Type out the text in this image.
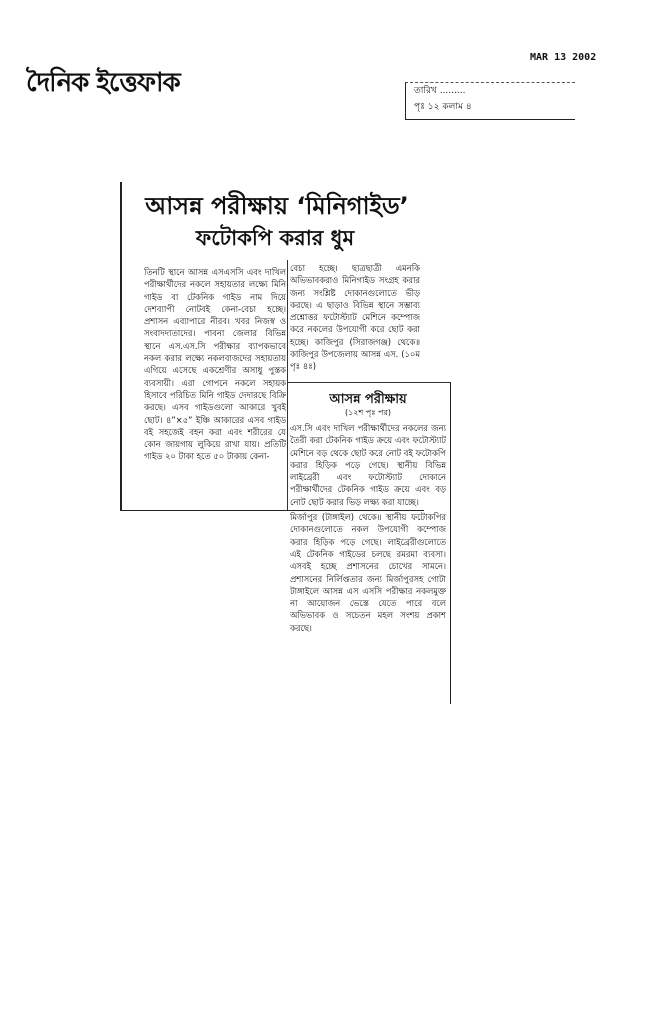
দৈনিক ইত্তেফাক
MAR 13 2002
তারিখ .........
পৃঃ ১২ কলাম ৪
আসন্ন পরীক্ষায় ‘মিনিগাইড’
ফটোকপি করার ধুম
তিনটি স্থানে আসন্ন এসএসসি এবং দাখিল পরীক্ষার্থীদের নকলে সহায়তার লক্ষ্যে মিনি গাইড বা টেকনিক গাইড নাম দিয়ে দেশব্যাপী নোটবই কেনা-বেচা হচ্ছে। প্রশাসন এব্যাপারে নীরব। খবর নিজস্ব ও সংবাদদাতাদের। পাবনা জেলার বিভিন্ন স্থানে এস.এস.সি পরীক্ষার ব্যাপকভাবে নকল করার লক্ষ্যে নকলবাজদের সহায়তায় এগিয়ে এসেছে একশ্রেণীর অসাধু পুস্তক ব্যবসায়ী। এরা গোপনে নকলে সহায়ক হিসাবে পরিচিত মিনি গাইড দেদারছে বিক্রি করছে। এসব গাইডগুলো আকারে খুবই ছোট। ৪”×৫” ইঞ্চি আকারের এসব গাইড বই সহজেই বহন করা এবং শরীরের যে কোন জায়গায় লুকিয়ে রাখা যায়। প্রতিটি গাইড ২০ টাকা হতে ৫০ টাকায় কেনা-
বেচা হচ্ছে। ছাত্রছাত্রী এমনকি অভিভাবকরাও মিনিগাইড সংগ্রহ করার জন্য সংশ্লিষ্ট দোকানগুলোতে ভীড় করছে। এ ছাড়াও বিভিন্ন স্থানে সম্ভাব্য প্রশ্নোত্তর ফটোস্ট্যাট মেশিনে কম্পোজ করে নকলের উপযোগী করে ছোট করা হচ্ছে। কাজিপুর (সিরাজগঞ্জ) থেকে॥ কাজিপুর উপজেলায় আসন্ন এস. (১০ম পৃঃ ৪ঃ)
আসন্ন পরীক্ষায়
(১২শ পৃঃ পর)

এস.সি এবং দাখিল পরীক্ষার্থীদের নকলের জন্য তৈরী করা টেকনিক গাইড ক্রয়ে এবং ফটোস্ট্যাট মেশিনে বড় থেকে ছোট করে নোট বই ফটোকপি করার হিড়িক পড়ে গেছে। স্থানীয় বিভিন্ন লাইব্রেরী এবং ফটোস্ট্যাট দোকানে পরীক্ষার্থীদের টেকনিক গাইড ক্রয়ে এবং বড় নোট ছোট করার ভিড় লক্ষ্য করা যাচ্ছে।

মির্জাপুর (টাঙ্গাইল) থেকে॥ স্থানীয় ফটোকপির দোকানগুলোতে নকল উপযোগী কম্পোজ করার হিড়িক পড়ে গেছে। লাইব্রেরীগুলোতে এই টেকনিক গাইডের চলছে রমরমা ব্যবসা। এসবই হচ্ছে প্রশাসনের চোখের সামনে। প্রশাসনের নির্লিপ্ততার জন্য মির্জাপুরসহ গোটা টাঙ্গাইলে আসন্ন এস এসসি পরীক্ষার নকলমুক্ত না আয়োজন ভেস্তে যেতে পারে বলে অভিভাবক ও সচেতন মহল সংশয় প্রকাশ করছে।
